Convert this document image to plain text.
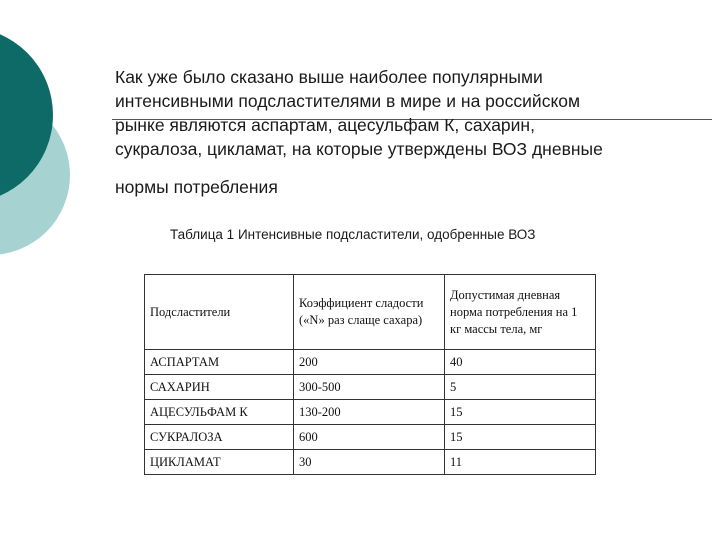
Как уже было сказано выше наиболее популярными
интенсивными подсластителями в мире и на российском
рынке являются аспартам, ацесульфам К, сахарин,
сукралоза, цикламат, на которые утверждены ВОЗ дневные
нормы потребления

Таблица 1 Интенсивные подсластители, одобренные ВОЗ
Подсластители	Коэффициент сладости («N» раз слаще сахара)	Допустимая дневная норма потребления на 1 кг массы тела, мг
АСПАРТАМ	200	40
САХАРИН	300-500	5
АЦЕСУЛЬФАМ К	130-200	15
СУКРАЛОЗА	600	15
ЦИКЛАМАТ	30	11
